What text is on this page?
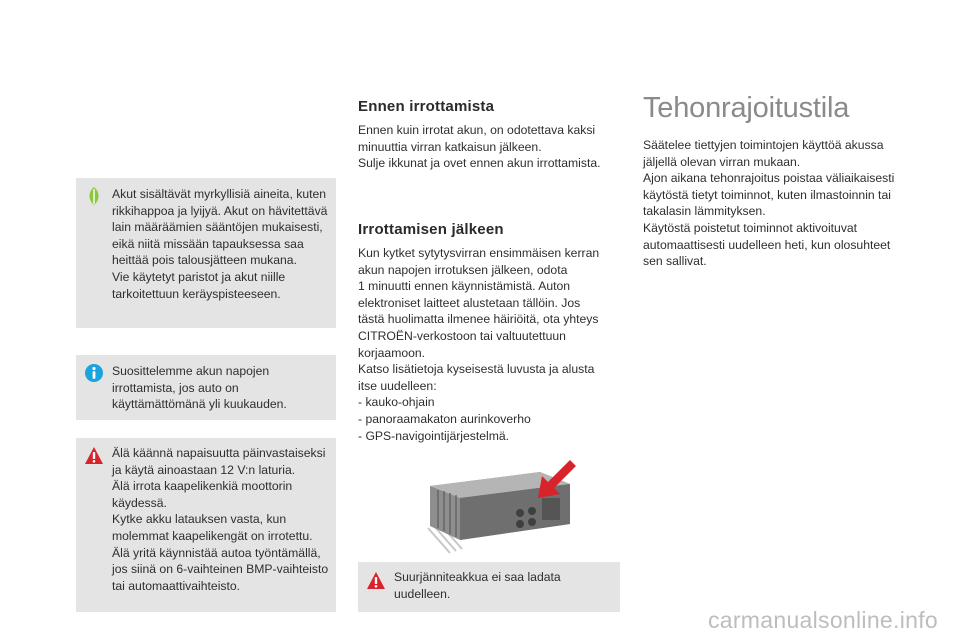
Akut sisältävät myrkyllisiä aineita, kuten
rikkihappoa ja lyijyä. Akut on hävitettävä
lain määräämien sääntöjen mukaisesti,
eikä niitä missään tapauksessa saa
heittää pois talousjätteen mukana.
Vie käytetyt paristot ja akut niille
tarkoitettuun keräyspisteeseen.
Suosittelemme akun napojen
irrottamista, jos auto on
käyttämättömänä yli kuukauden.
Älä käännä napaisuutta päinvastaiseksi
ja käytä ainoastaan 12 V:n laturia.
Älä irrota kaapelikenkiä moottorin
käydessä.
Kytke akku latauksen vasta, kun
molemmat kaapelikengät on irrotettu.
Älä yritä käynnistää autoa työntämällä,
jos siinä on 6-vaihteinen BMP-vaihteisto
tai automaattivaihteisto.
Ennen irrottamista
Ennen kuin irrotat akun, on odotettava kaksi
minuuttia virran katkaisun jälkeen.
Sulje ikkunat ja ovet ennen akun irrottamista.
Irrottamisen jälkeen
Kun kytket sytytysvirran ensimmäisen kerran
akun napojen irrotuksen jälkeen, odota
1 minuutti ennen käynnistämistä. Auton
elektroniset laitteet alustetaan tällöin. Jos
tästä huolimatta ilmenee häiriöitä, ota yhteys
CITROËN-verkostoon tai valtuutettuun
korjaamoon.
Katso lisätietoja kyseisestä luvusta ja alusta
itse uudelleen:
- kauko-ohjain
- panoraamakaton aurinkoverho
- GPS-navigointijärjestelmä.
Suurjänniteakkua ei saa ladata
uudelleen.
Tehonrajoitustila
Säätelee tiettyjen toimintojen käyttöä akussa
jäljellä olevan virran mukaan.
Ajon aikana tehonrajoitus poistaa väliaikaisesti
käytöstä tietyt toiminnot, kuten ilmastoinnin tai
takalasin lämmityksen.
Käytöstä poistetut toiminnot aktivoituvat
automaattisesti uudelleen heti, kun olosuhteet
sen sallivat.
carmanualsonline.info
